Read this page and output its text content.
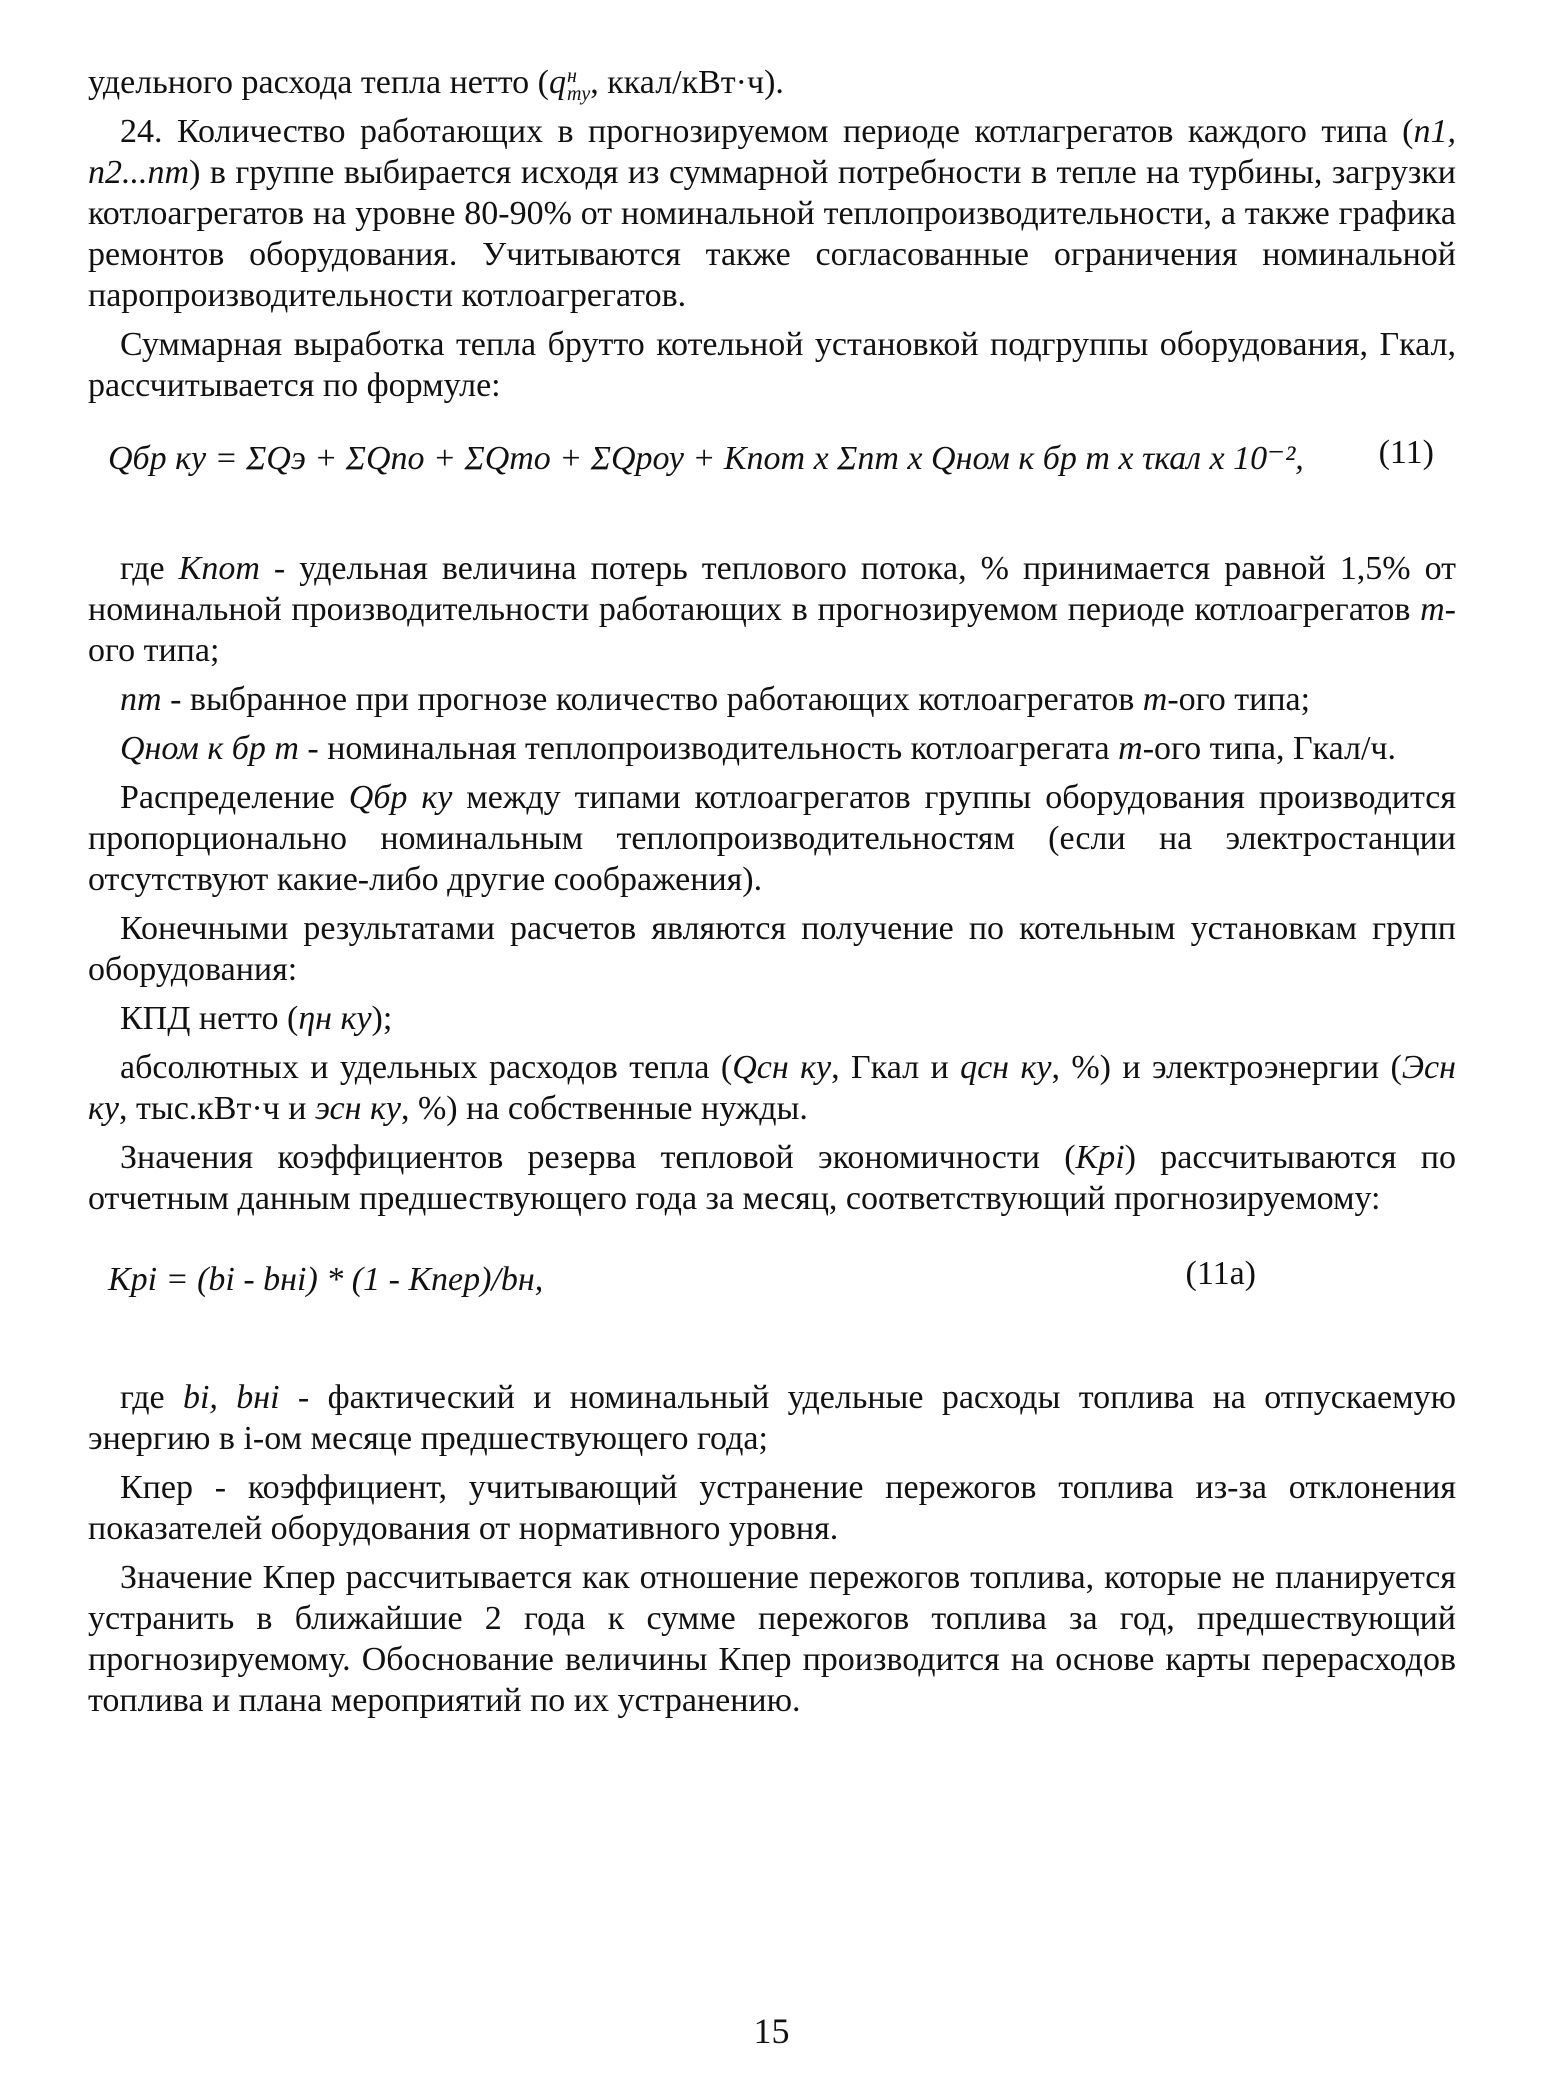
удельного расхода тепла нетто (q н
my , ккал/кВт·ч).

24. Количество работающих в прогнозируемом периоде котлагрегатов каждого типа (n1, n2...nm) в группе выбирается исходя из суммарной потребности в тепле на турбины, загрузки котлоагрегатов на уровне 80-90% от номинальной теплопроизводительности, а также графика ремонтов оборудования. Учитываются также согласованные ограничения номинальной паропроизводительности котлоагрегатов.

Суммарная выработка тепла брутто котельной установкой подгруппы оборудования, Гкал, рассчитывается по формуле:

Qбр ку = ΣQэ + ΣQпо + ΣQто + ΣQроу + Kпот x Σnm x Qном к бр m x τкал x 10⁻², (11)

где Kпот - удельная величина потерь теплового потока, % принимается равной 1,5% от номинальной производительности работающих в прогнозируемом периоде котлоагрегатов m-ого типа;

nm - выбранное при прогнозе количество работающих котлоагрегатов m-ого типа;

Qном к бр m - номинальная теплопроизводительность котлоагрегата m-ого типа, Гкал/ч.

Распределение Qбр ку между типами котлоагрегатов группы оборудования производится пропорционально номинальным теплопроизводительностям (если на электростанции отсутствуют какие-либо другие соображения).

Конечными результатами расчетов являются получение по котельным установкам групп оборудования:

КПД нетто (ηн ку);

абсолютных и удельных расходов тепла (Qсн ку, Гкал и qсн ку, %) и электроэнергии (Эсн ку, тыс.кВт·ч и эсн ку, %) на собственные нужды.

Значения коэффициентов резерва тепловой экономичности (Kрi) рассчитываются по отчетным данным предшествующего года за месяц, соответствующий прогнозируемому:

Kрi = (bi - bнi) * (1 - Кпер)/bн,	(11а)

где bi, bнi - фактический и номинальный удельные расходы топлива на отпускаемую энергию в i-ом месяце предшествующего года;

Кпер - коэффициент, учитывающий устранение пережогов топлива из-за отклонения показателей оборудования от нормативного уровня.

Значение Кпер рассчитывается как отношение пережогов топлива, которые не планируется устранить в ближайшие 2 года к сумме пережогов топлива за год, предшествующий прогнозируемому. Обоснование величины Кпер производится на основе карты перерасходов топлива и плана мероприятий по их устранению.

15
